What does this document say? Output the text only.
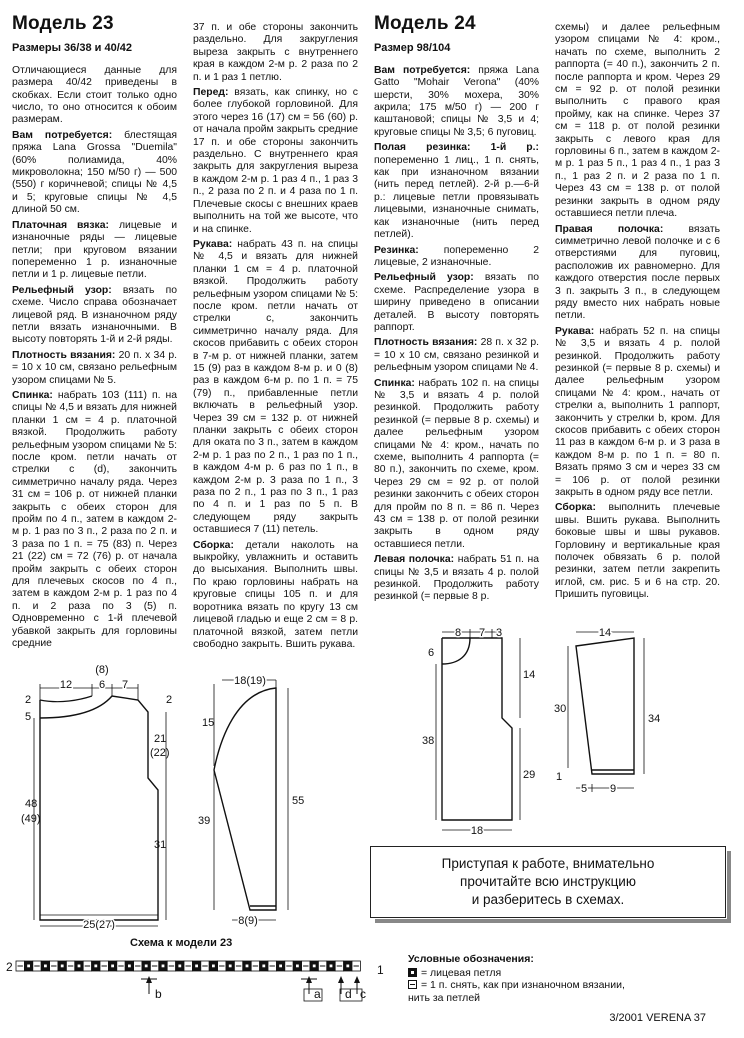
Модель 23
Размеры 36/38 и 40/42

Отличающиеся данные для размера 40/42 приведены в скобках. Если стоит только одно число, то оно относится к обоим размерам.

Вам потребуется: блестящая пряжа Lana Grossa "Duemila" (60% полиамида, 40% микроволокна; 150 м/50 г) — 500 (550) г коричневой; спицы № 4,5 и 5; круговые спицы № 4,5 длиной 50 см.

Платочная вязка: лицевые и изнаночные ряды — лицевые петли; при круговом вязании попеременно 1 р. изнаночные петли и 1 р. лицевые петли.

Рельефный узор: вязать по схеме. Число справа обозначает лицевой ряд. В изнаночном ряду петли вязать изнаночными. В высоту повторять 1-й и 2-й ряды.

Плотность вязания: 20 п. х 34 р. = 10 х 10 см, связано рельефным узором спицами № 5.

Спинка: набрать 103 (111) п. на спицы № 4,5 и вязать для нижней планки 1 см = 4 р. платочной вязкой. Продолжить работу рельефным узором спицами № 5: после кром. петли начать от стрелки c (d), закончить симметрично началу ряда. Через 31 см = 106 р. от нижней планки закрыть с обеих сторон для пройм по 4 п., затем в каждом 2-м р. 1 раз по 3 п., 2 раза по 2 п. и 3 раза по 1 п. = 75 (83) п. Через 21 (22) см = 72 (76) р. от начала пройм закрыть с обеих сторон для плечевых скосов по 4 п., затем в каждом 2-м р. 1 раз по 4 п. и 2 раза по 3 (5) п. Одновременно с 1-й плечевой убавкой закрыть для горловины средние

37 п. и обе стороны закончить раздельно. Для закругления выреза закрыть с внутреннего края в каждом 2-м р. 2 раза по 2 п. и 1 раз 1 петлю.

Перед: вязать, как спинку, но с более глубокой горловиной. Для этого через 16 (17) см = 56 (60) р. от начала пройм закрыть средние 17 п. и обе стороны закончить раздельно. С внутреннего края закрыть для закругления выреза в каждом 2-м р. 1 раз 4 п., 1 раз 3 п., 2 раза по 2 п. и 4 раза по 1 п. Плечевые скосы с внешних краев выполнить на той же высоте, что и на спинке.

Рукава: набрать 43 п. на спицы № 4,5 и вязать для нижней планки 1 см = 4 р. платочной вязкой. Продолжить работу рельефным узором спицами № 5: после кром. петли начать от стрелки с, закончить симметрично началу ряда. Для скосов прибавить с обеих сторон в 7-м р. от нижней планки, затем 15 (9) раз в каждом 8-м р. и 0 (8) раз в каждом 6-м р. по 1 п. = 75 (79) п., прибавленные петли включать в рельефный узор. Через 39 см = 132 р. от нижней планки закрыть с обеих сторон для оката по 3 п., затем в каждом 2-м р. 1 раз по 2 п., 1 раз по 1 п., в каждом 4-м р. 6 раз по 1 п., в каждом 2-м р. 3 раза по 1 п., 3 раза по 2 п., 1 раз по 3 п., 1 раз по 4 п. и 1 раз по 5 п. В следующем ряду закрыть оставшиеся 7 (11) петель.

Сборка: детали наколоть на выкройку, увлажнить и оставить до высыхания. Выполнить швы. По краю горловины набрать на круговые спицы 105 п. и для воротника вязать по кругу 13 см лицевой гладью и еще 2 см = 8 р. платочной вязкой, затем петли свободно закрыть. Вшить рукава.

Модель 24
Размер 98/104

Вам потребуется: пряжа Lana Gatto "Mohair Verona" (40% шерсти, 30% мохера, 30% акрила; 175 м/50 г) — 200 г каштановой; спицы № 3,5 и 4; круговые спицы № 3,5; 6 пуговиц.

Полая резинка: 1-й р.: попеременно 1 лиц., 1 п. снять, как при изнаночном вязании (нить перед петлей). 2-й р.—6-й р.: лицевые петли провязывать лицевыми, изнаночные снимать, как изнаночные (нить перед петлей).

Резинка: попеременно 2 лицевые, 2 изнаночные.

Рельефный узор: вязать по схеме. Распределение узора в ширину приведено в описании деталей. В высоту повторять раппорт.

Плотность вязания: 28 п. х 32 р. = 10 х 10 см, связано резинкой и рельефным узором спицами № 4.

Спинка: набрать 102 п. на спицы № 3,5 и вязать 4 р. полой резинкой. Продолжить работу резинкой (= первые 8 р. схемы) и далее рельефным узором спицами № 4: кром., начать по схеме, выполнить 4 раппорта (= 80 п.), закончить по схеме, кром. Через 29 см = 92 р. от полой резинки закончить с обеих сторон для пройм по 8 п. = 86 п. Через 43 см = 138 р. от полой резинки закрыть в одном ряду оставшиеся петли.

Левая полочка: набрать 51 п. на спицы № 3,5 и вязать 4 р. полой резинкой. Продолжить работу резинкой (= первые 8 р.

схемы) и далее рельефным узором спицами № 4: кром., начать по схеме, выполнить 2 раппорта (= 40 п.), закончить 2 п. после раппорта и кром. Через 29 см = 92 р. от полой резинки выполнить с правого края пройму, как на спинке. Через 37 см = 118 р. от полой резинки закрыть с левого края для горловины 6 п., затем в каждом 2-м р. 1 раз 5 п., 1 раз 4 п., 1 раз 3 п., 1 раз 2 п. и 2 раза по 1 п. Через 43 см = 138 р. от полой резинки закрыть в одном ряду оставшиеся петли плеча.

Правая полочка: вязать симметрично левой полочке и с 6 отверстиями для пуговиц, расположив их равномерно. Для каждого отверстия после первых 3 п. закрыть 3 п., в следующем ряду вместо них набрать новые петли.

Рукава: набрать 52 п. на спицы № 3,5 и вязать 4 р. полой резинкой. Продолжить работу резинкой (= первые 8 р. схемы) и далее рельефным узором спицами № 4: кром., начать от стрелки a, выполнить 1 раппорт, закончить у стрелки b, кром. Для скосов прибавить с обеих сторон 11 раз в каждом 6-м р. и 3 раза в каждом 8-м р. по 1 п. = 80 п. Вязать прямо 3 см и через 33 см = 106 р. от полой резинки закрыть в одном ряду все петли.

Сборка: выполнить плечевые швы. Вшить рукава. Выполнить боковые швы и швы рукавов. Горловину и вертикальные края полочек обвязать 6 р. полой резинки, затем петли закрепить иглой, см. рис. 5 и 6 на стр. 20. Пришить пуговицы.

12 6 7
(8)
2
5
2
48
(49)
21
(22)
31
25(27)
18(19)
15
39
55
8(9)
8 7 3
6
38
14
29
18
14
30
34
1
5 9
Приступая к работе, внимательно
прочитайте всю инструкцию
и разберитесь в схемах.
Схема к модели 23
2	1
b	a d c
Условные обозначения:
= лицевая петля
= 1 п. снять, как при изнаночном вязании,
нить за петлей
3/2001 VERENA 37
